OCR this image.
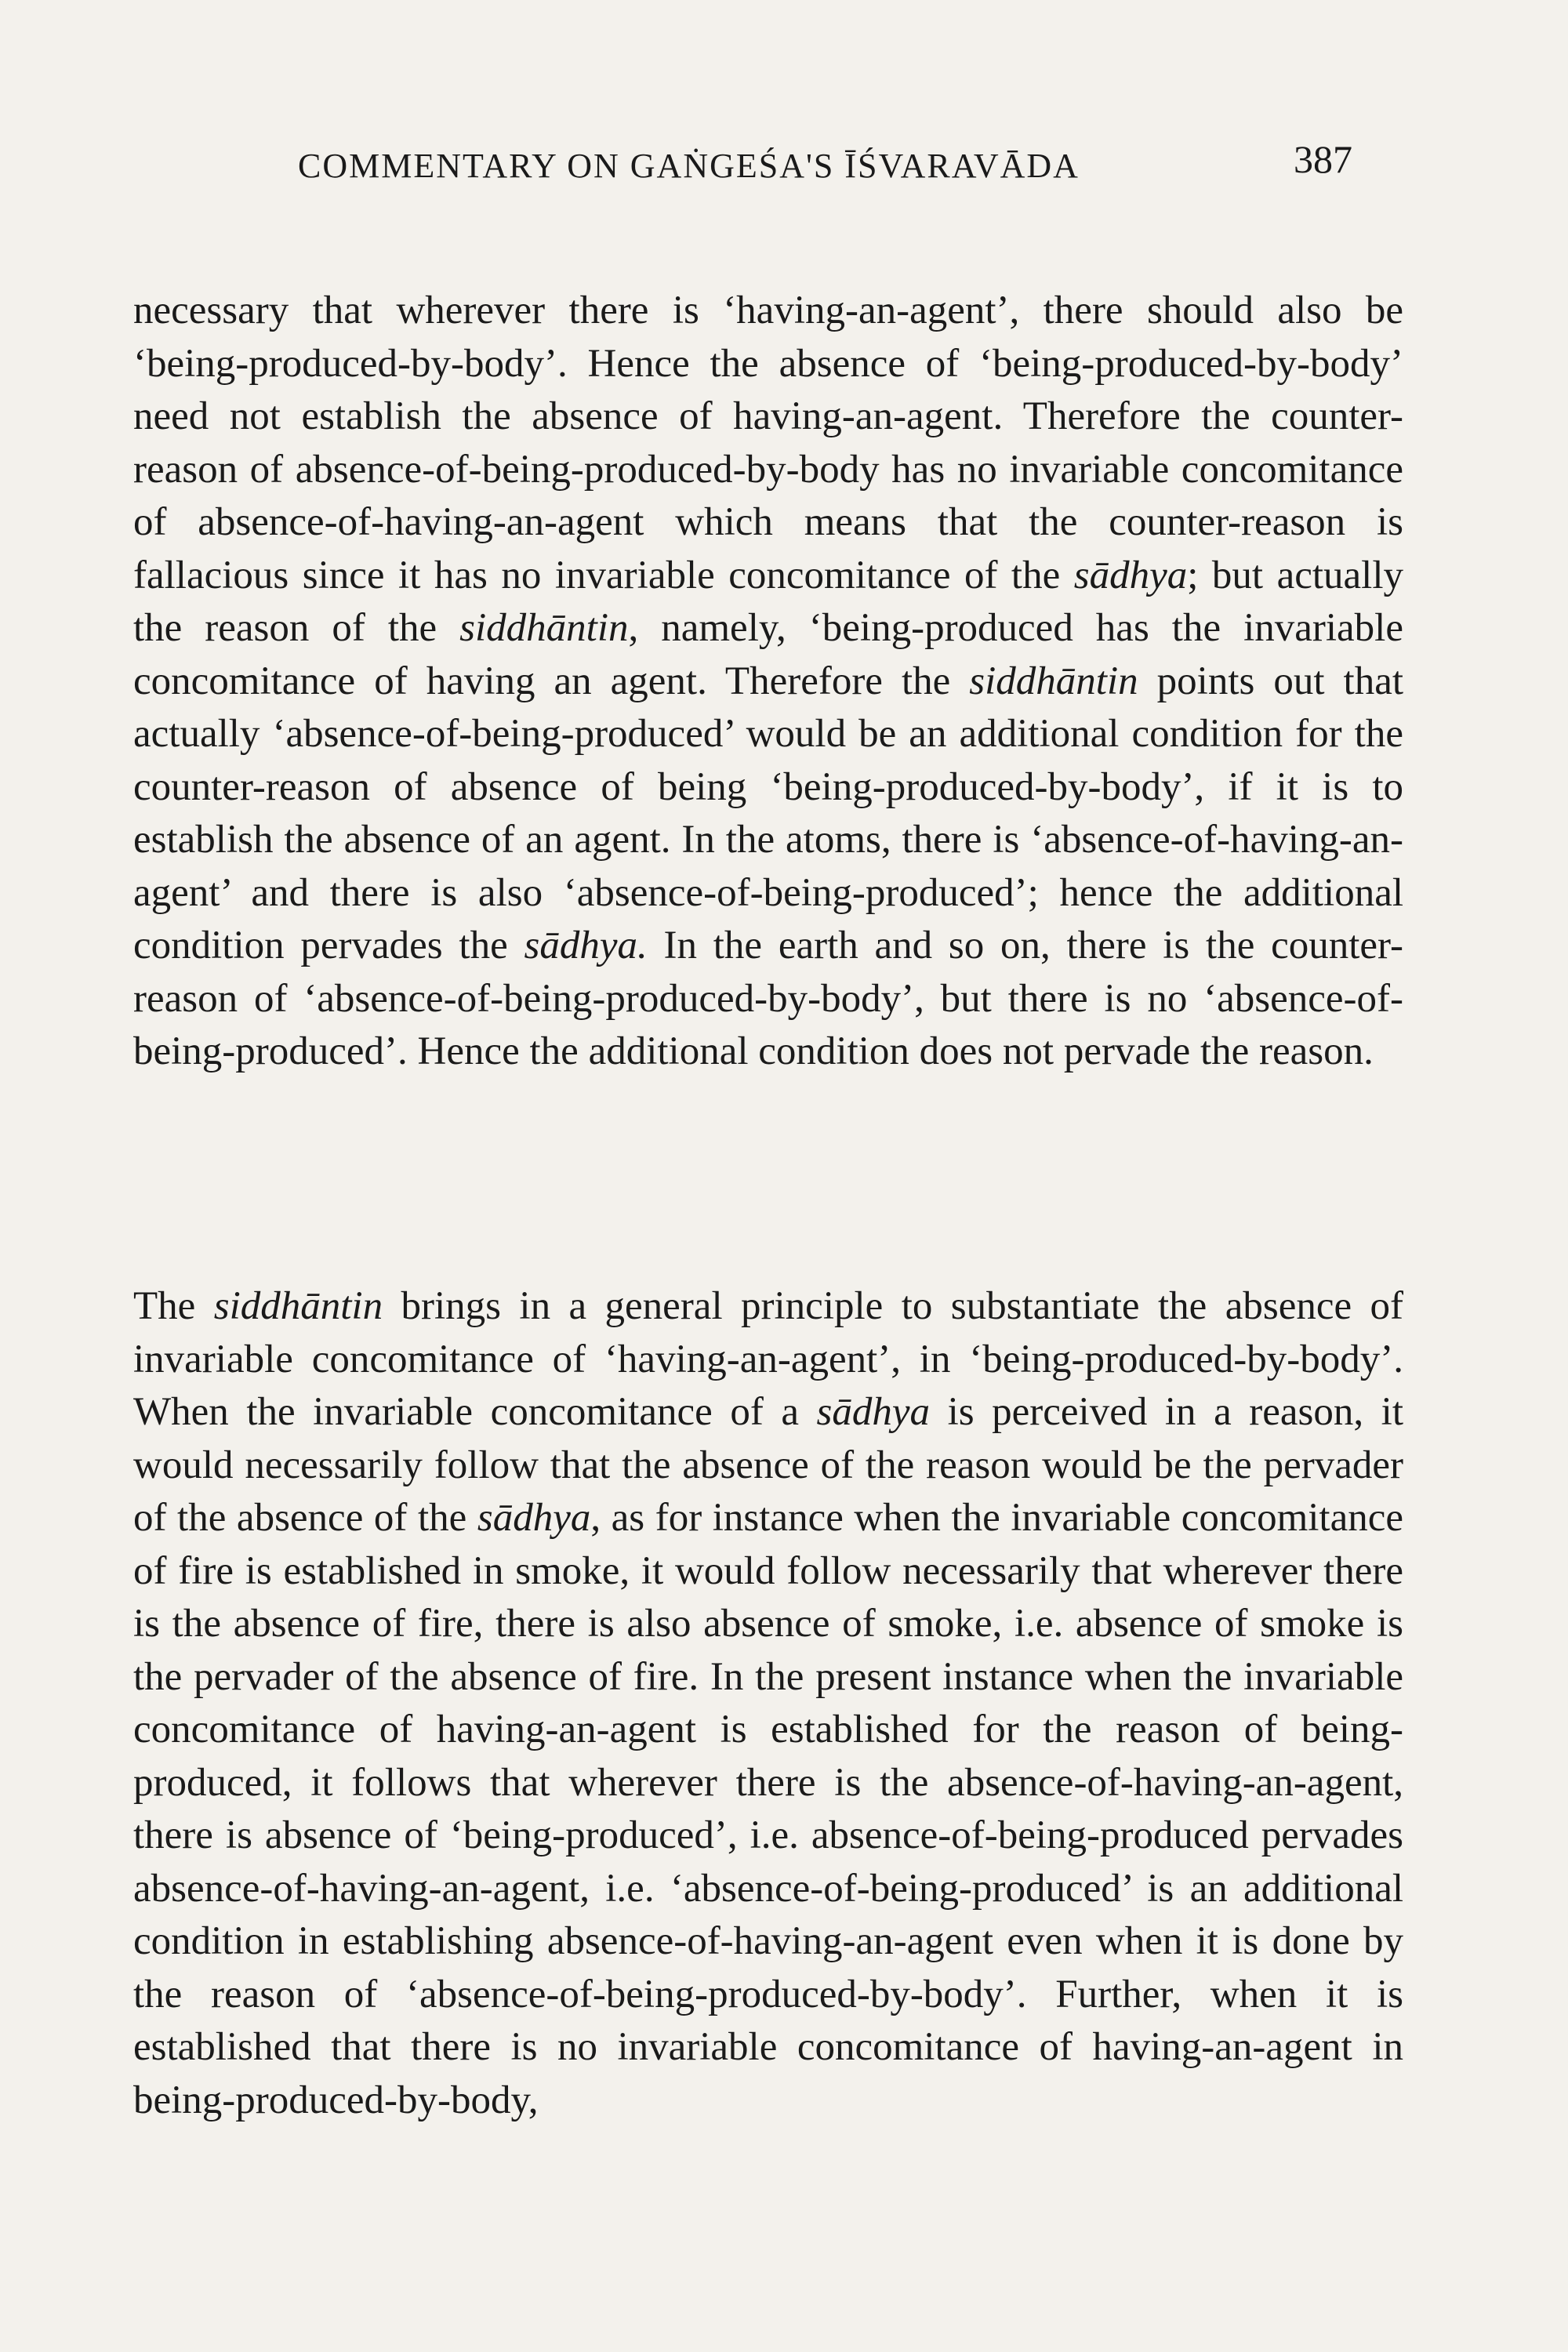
COMMENTARY ON GAṄGEŚA'S ĪŚVARAVĀDA	387

necessary that wherever there is ‘having-an-agent’, there should also be ‘being-produced-by-body’. Hence the absence of ‘being-produced-by-body’ need not establish the absence of having-an-agent. Therefore the counter-reason of absence-of-being-produced-by-body has no invariable concomitance of absence-of-having-an-agent which means that the counter-reason is fallacious since it has no invariable concomitance of the sādhya; but actually the reason of the siddhāntin, namely, ‘being-produced has the invariable concomitance of having an agent. Therefore the siddhāntin points out that actually ‘absence-of-being-produced’ would be an additional condition for the counter-reason of absence of being ‘being-produced-by-body’, if it is to establish the absence of an agent. In the atoms, there is ‘absence-of-having-an-agent’ and there is also ‘absence-of-being-produced’; hence the additional condition pervades the sādhya. In the earth and so on, there is the counter-reason of ‘absence-of-being-produced-by-body’, but there is no ‘absence-of-being-produced’. Hence the additional condition does not pervade the reason.

The siddhāntin brings in a general principle to substantiate the absence of invariable concomitance of ‘having-an-agent’, in ‘being-produced-by-body’. When the invariable concomitance of a sādhya is perceived in a reason, it would necessarily follow that the absence of the reason would be the pervader of the absence of the sādhya, as for instance when the invariable concomitance of fire is established in smoke, it would follow necessarily that wherever there is the absence of fire, there is also absence of smoke, i.e. absence of smoke is the pervader of the absence of fire. In the present instance when the invariable concomitance of having-an-agent is established for the reason of being-produced, it follows that wherever there is the absence-of-having-an-agent, there is absence of ‘being-produced’, i.e. absence-of-being-produced pervades absence-of-having-an-agent, i.e. ‘absence-of-being-produced’ is an additional condition in establishing absence-of-having-an-agent even when it is done by the reason of ‘absence-of-being-produced-by-body’. Further, when it is established that there is no invariable concomitance of having-an-agent in being-produced-by-body,
